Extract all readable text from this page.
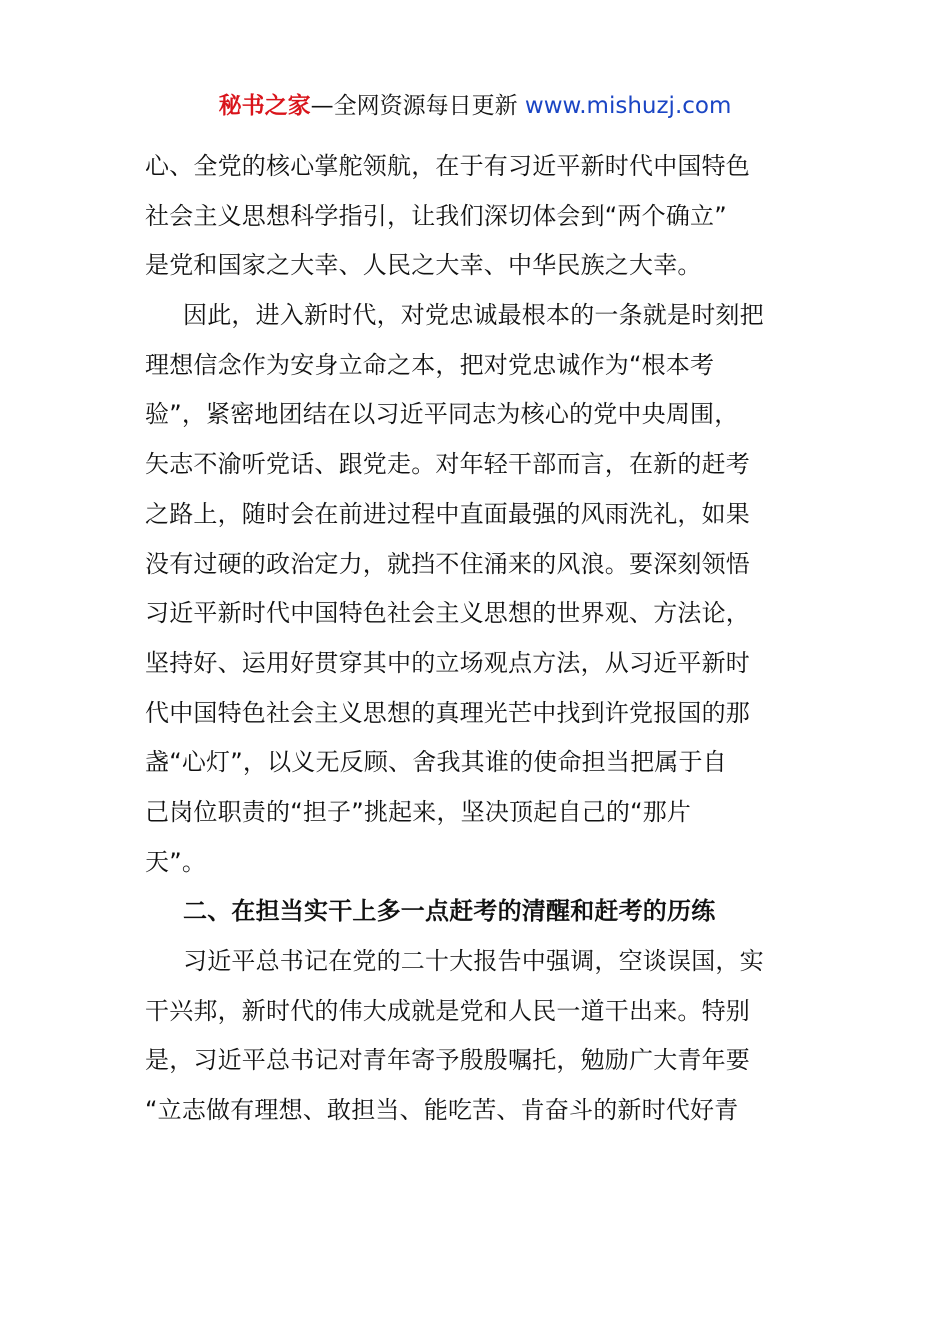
秘书之家—全网资源每日更新 www.mishuzj.com
心、全党的核心掌舵领航，在于有习近平新时代中国特色
社会主义思想科学指引，让我们深切体会到“两个确立”
是党和国家之大幸、人民之大幸、中华民族之大幸。
因此，进入新时代，对党忠诚最根本的一条就是时刻把
理想信念作为安身立命之本，把对党忠诚作为“根本考
验”，紧密地团结在以习近平同志为核心的党中央周围，
矢志不渝听党话、跟党走。对年轻干部而言，在新的赶考
之路上，随时会在前进过程中直面最强的风雨洗礼，如果
没有过硬的政治定力，就挡不住涌来的风浪。要深刻领悟
习近平新时代中国特色社会主义思想的世界观、方法论，
坚持好、运用好贯穿其中的立场观点方法，从习近平新时
代中国特色社会主义思想的真理光芒中找到许党报国的那
盏“心灯”，以义无反顾、舍我其谁的使命担当把属于自
己岗位职责的“担子”挑起来，坚决顶起自己的“那片
天”。
二、在担当实干上多一点赶考的清醒和赶考的历练
习近平总书记在党的二十大报告中强调，空谈误国，实
干兴邦，新时代的伟大成就是党和人民一道干出来。特别
是，习近平总书记对青年寄予殷殷嘱托，勉励广大青年要
“立志做有理想、敢担当、能吃苦、肯奋斗的新时代好青
